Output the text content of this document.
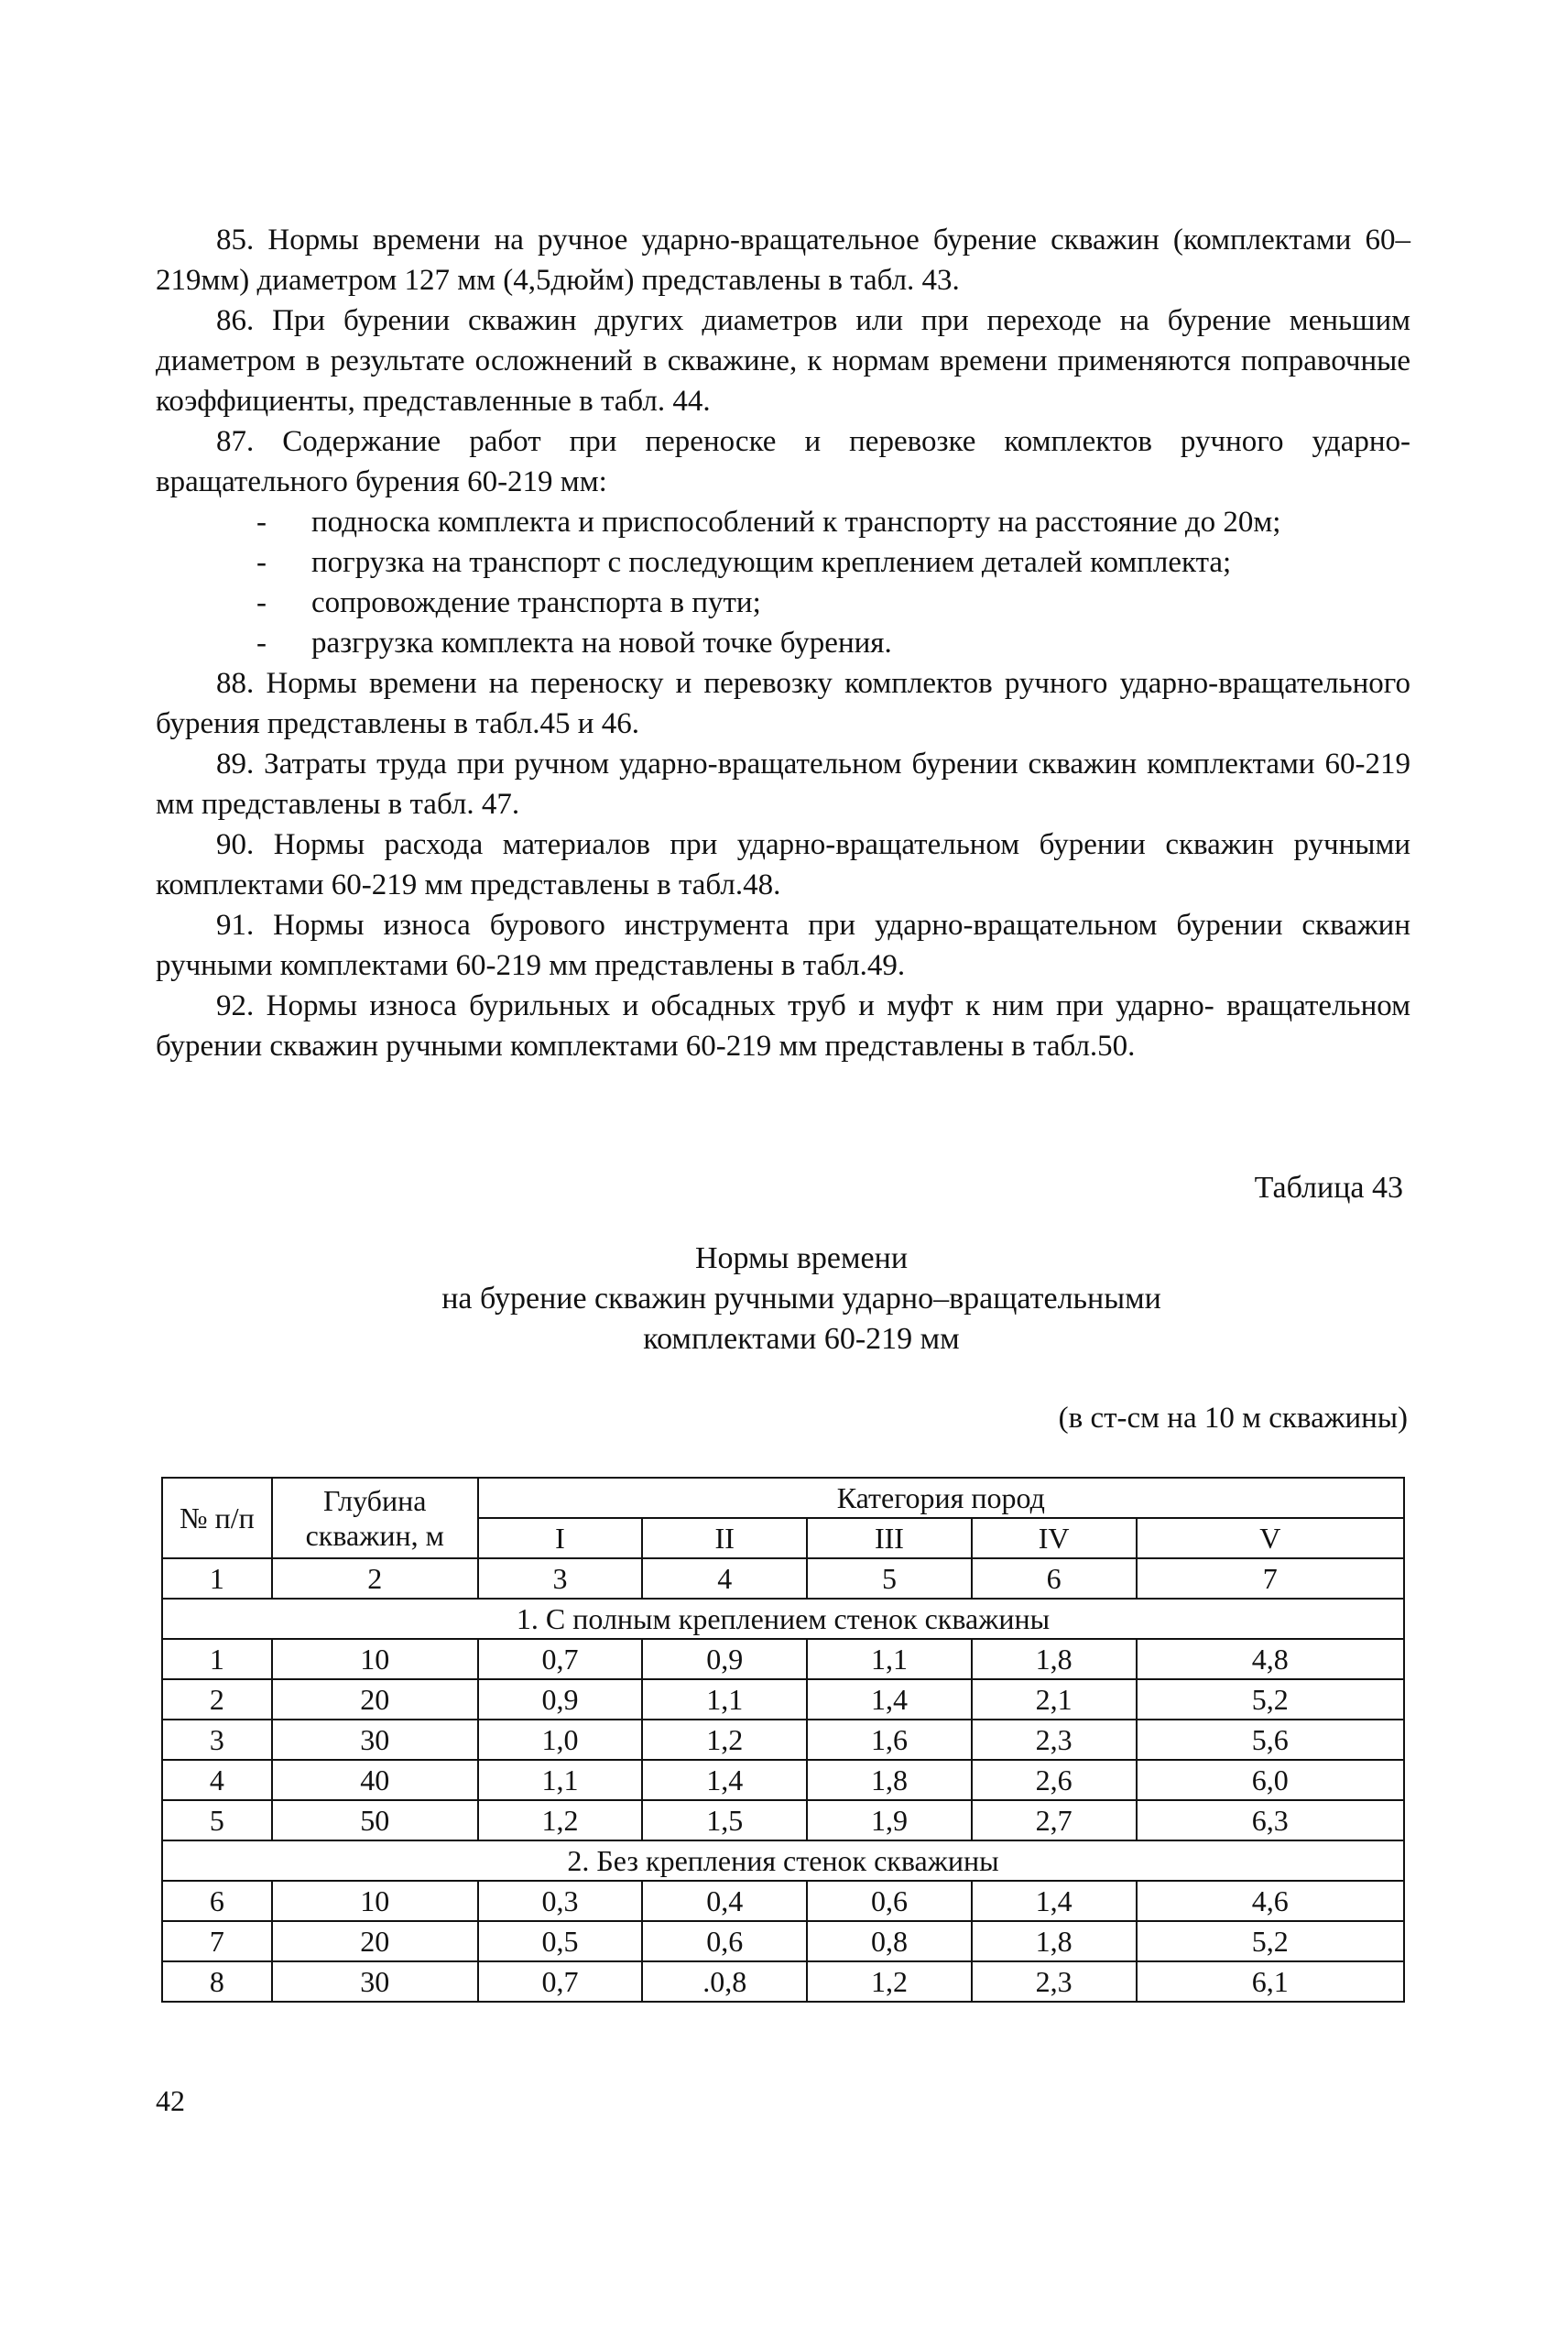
85. Нормы времени на ручное ударно-вращательное бурение скважин (комплектами 60–219мм) диаметром 127 мм (4,5дюйм) представлены в табл. 43.

86. При бурении скважин других диаметров или при переходе на бурение меньшим диаметром в результате осложнений в скважине, к нормам времени применяются поправочные коэффициенты, представленные в табл. 44.

87. Содержание работ при переноске и перевозке комплектов ручного ударно-вращательного бурения 60-219 мм:

- подноска комплекта и приспособлений к транспорту на расстояние до 20м;
- погрузка на транспорт с последующим креплением деталей комплекта;
- сопровождение транспорта в пути;
- разгрузка комплекта на новой точке бурения.

88. Нормы времени на переноску и перевозку комплектов ручного ударно-вращательного бурения представлены в табл.45 и 46.

89. Затраты труда при ручном ударно-вращательном бурении скважин комплектами 60-219 мм представлены в табл. 47.

90. Нормы расхода материалов при ударно-вращательном бурении скважин ручными комплектами 60-219 мм представлены в табл.48.

91. Нормы износа бурового инструмента при ударно-вращательном бурении скважин ручными комплектами 60-219 мм представлены в табл.49.

92. Нормы износа бурильных и обсадных труб и муфт к ним при ударно- вращательном бурении скважин ручными комплектами 60-219 мм представлены в табл.50.

Таблица 43
Нормы времени
на бурение скважин ручными ударно–вращательными
комплектами 60-219 мм
(в ст-см на 10 м скважины)
№ п/п	Глубина скважин, м	Категория пород				
		I	II	III	IV	V
1	2	3	4	5	6	7
1. С полным креплением стенок скважины						
1	10	0,7	0,9	1,1	1,8	4,8
2	20	0,9	1,1	1,4	2,1	5,2
3	30	1,0	1,2	1,6	2,3	5,6
4	40	1,1	1,4	1,8	2,6	6,0
5	50	1,2	1,5	1,9	2,7	6,3
2. Без крепления стенок скважины						
6	10	0,3	0,4	0,6	1,4	4,6
7	20	0,5	0,6	0,8	1,8	5,2
8	30	0,7	.0,8	1,2	2,3	6,1
42
